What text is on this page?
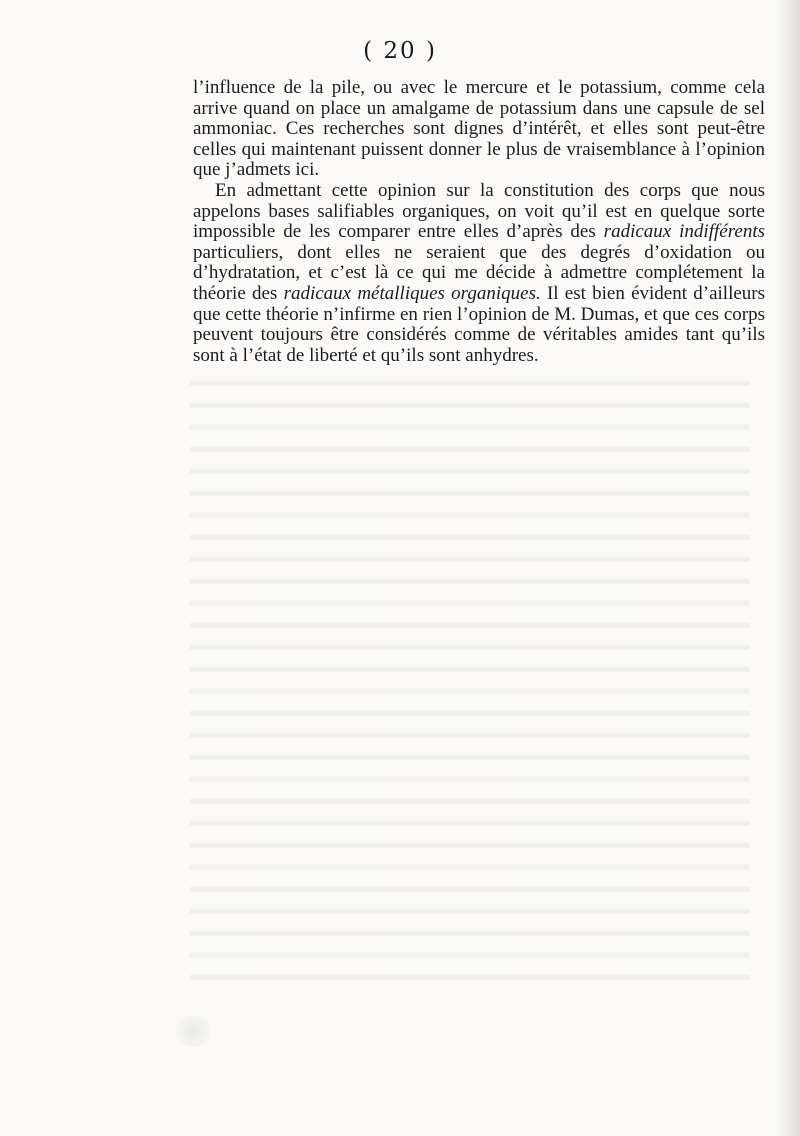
( 20 )

l’influence de la pile, ou avec le mercure et le potassium, comme cela arrive quand on place un amalgame de potassium dans une capsule de sel ammoniac. Ces recherches sont dignes d’intérêt, et elles sont peut-être celles qui maintenant puissent donner le plus de vraisemblance à l’opinion que j’admets ici.

En admettant cette opinion sur la constitution des corps que nous appelons bases salifiables organiques, on voit qu’il est en quelque sorte impossible de les comparer entre elles d’après des radicaux indifférents particuliers, dont elles ne seraient que des degrés d’oxidation ou d’hydratation, et c’est là ce qui me décide à admettre complétement la théorie des radicaux métalliques organiques. Il est bien évident d’ailleurs que cette théorie n’infirme en rien l’opinion de M. Dumas, et que ces corps peuvent toujours être considérés comme de véritables amides tant qu’ils sont à l’état de liberté et qu’ils sont anhydres.
